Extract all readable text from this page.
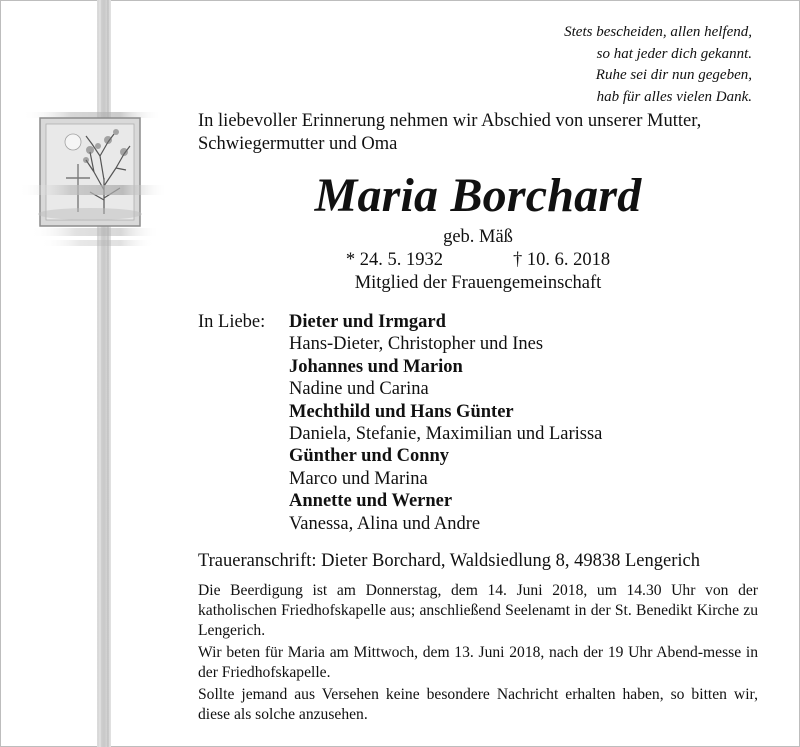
Stets bescheiden, allen helfend,
so hat jeder dich gekannt.
Ruhe sei dir nun gegeben,
hab für alles vielen Dank.
In liebevoller Erinnerung nehmen wir Abschied von unserer Mutter, Schwiegermutter und Oma
Maria Borchard
geb. Mäß
* 24. 5. 1932	† 10. 6. 2018
Mitglied der Frauengemeinschaft
In Liebe: Dieter und Irmgard
Hans-Dieter, Christopher und Ines
Johannes und Marion
Nadine und Carina
Mechthild und Hans Günter
Daniela, Stefanie, Maximilian und Larissa
Günther und Conny
Marco und Marina
Annette und Werner
Vanessa, Alina und Andre
Traueranschrift: Dieter Borchard, Waldsiedlung 8, 49838 Lengerich

Die Beerdigung ist am Donnerstag, dem 14. Juni 2018, um 14.30 Uhr von der katholischen Friedhofskapelle aus; anschließend Seelenamt in der St. Benedikt Kirche zu Lengerich.

Wir beten für Maria am Mittwoch, dem 13. Juni 2018, nach der 19 Uhr Abend-messe in der Friedhofskapelle.

Sollte jemand aus Versehen keine besondere Nachricht erhalten haben, so bitten wir, diese als solche anzusehen.
